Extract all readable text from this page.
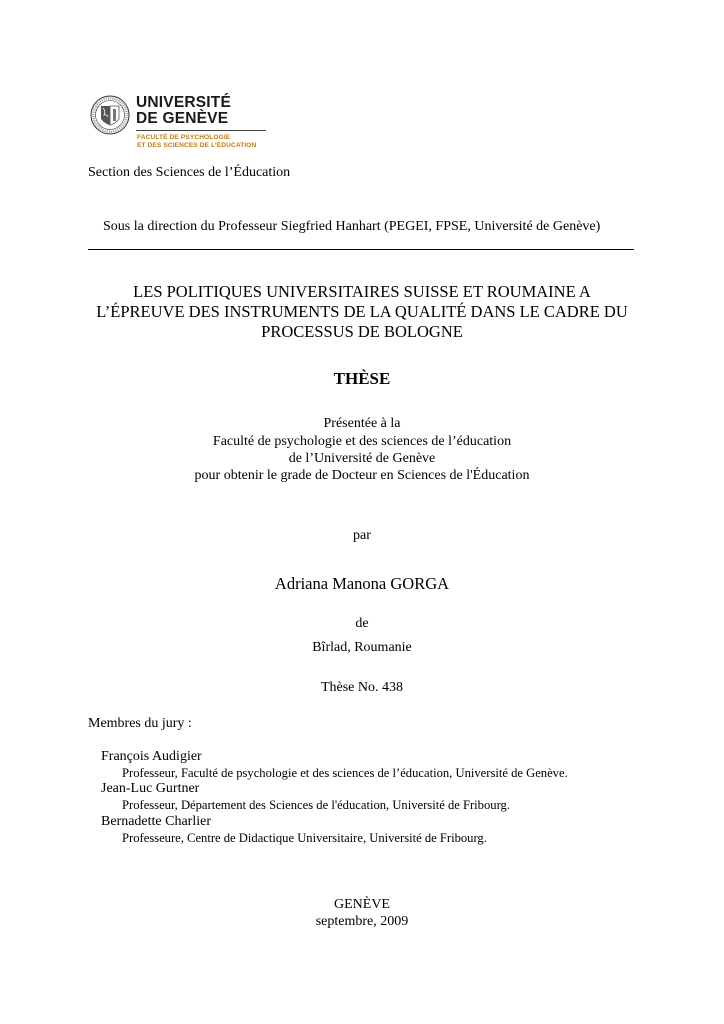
UNIVERSITÉ
DE GENÈVE
FACULTÉ DE PSYCHOLOGIE
ET DES SCIENCES DE L’ÉDUCATION
Section des Sciences de l’Éducation
Sous la direction du Professeur Siegfried Hanhart (PEGEI, FPSE, Université de Genève)
LES POLITIQUES UNIVERSITAIRES SUISSE ET ROUMAINE A
L’ÉPREUVE DES INSTRUMENTS DE LA QUALITÉ DANS LE CADRE DU
PROCESSUS DE BOLOGNE
THÈSE
Présentée à la
Faculté de psychologie et des sciences de l’éducation
de l’Université de Genève
pour obtenir le grade de Docteur en Sciences de l'Éducation
par
Adriana Manona GORGA
de
Bîrlad, Roumanie
Thèse No. 438
Membres du jury :
François Audigier
Professeur, Faculté de psychologie et des sciences de l’éducation, Université de Genève.
Jean-Luc Gurtner
Professeur, Département des Sciences de l'éducation, Université de Fribourg.
Bernadette Charlier
Professeure, Centre de Didactique Universitaire, Université de Fribourg.
GENÈVE
septembre, 2009
